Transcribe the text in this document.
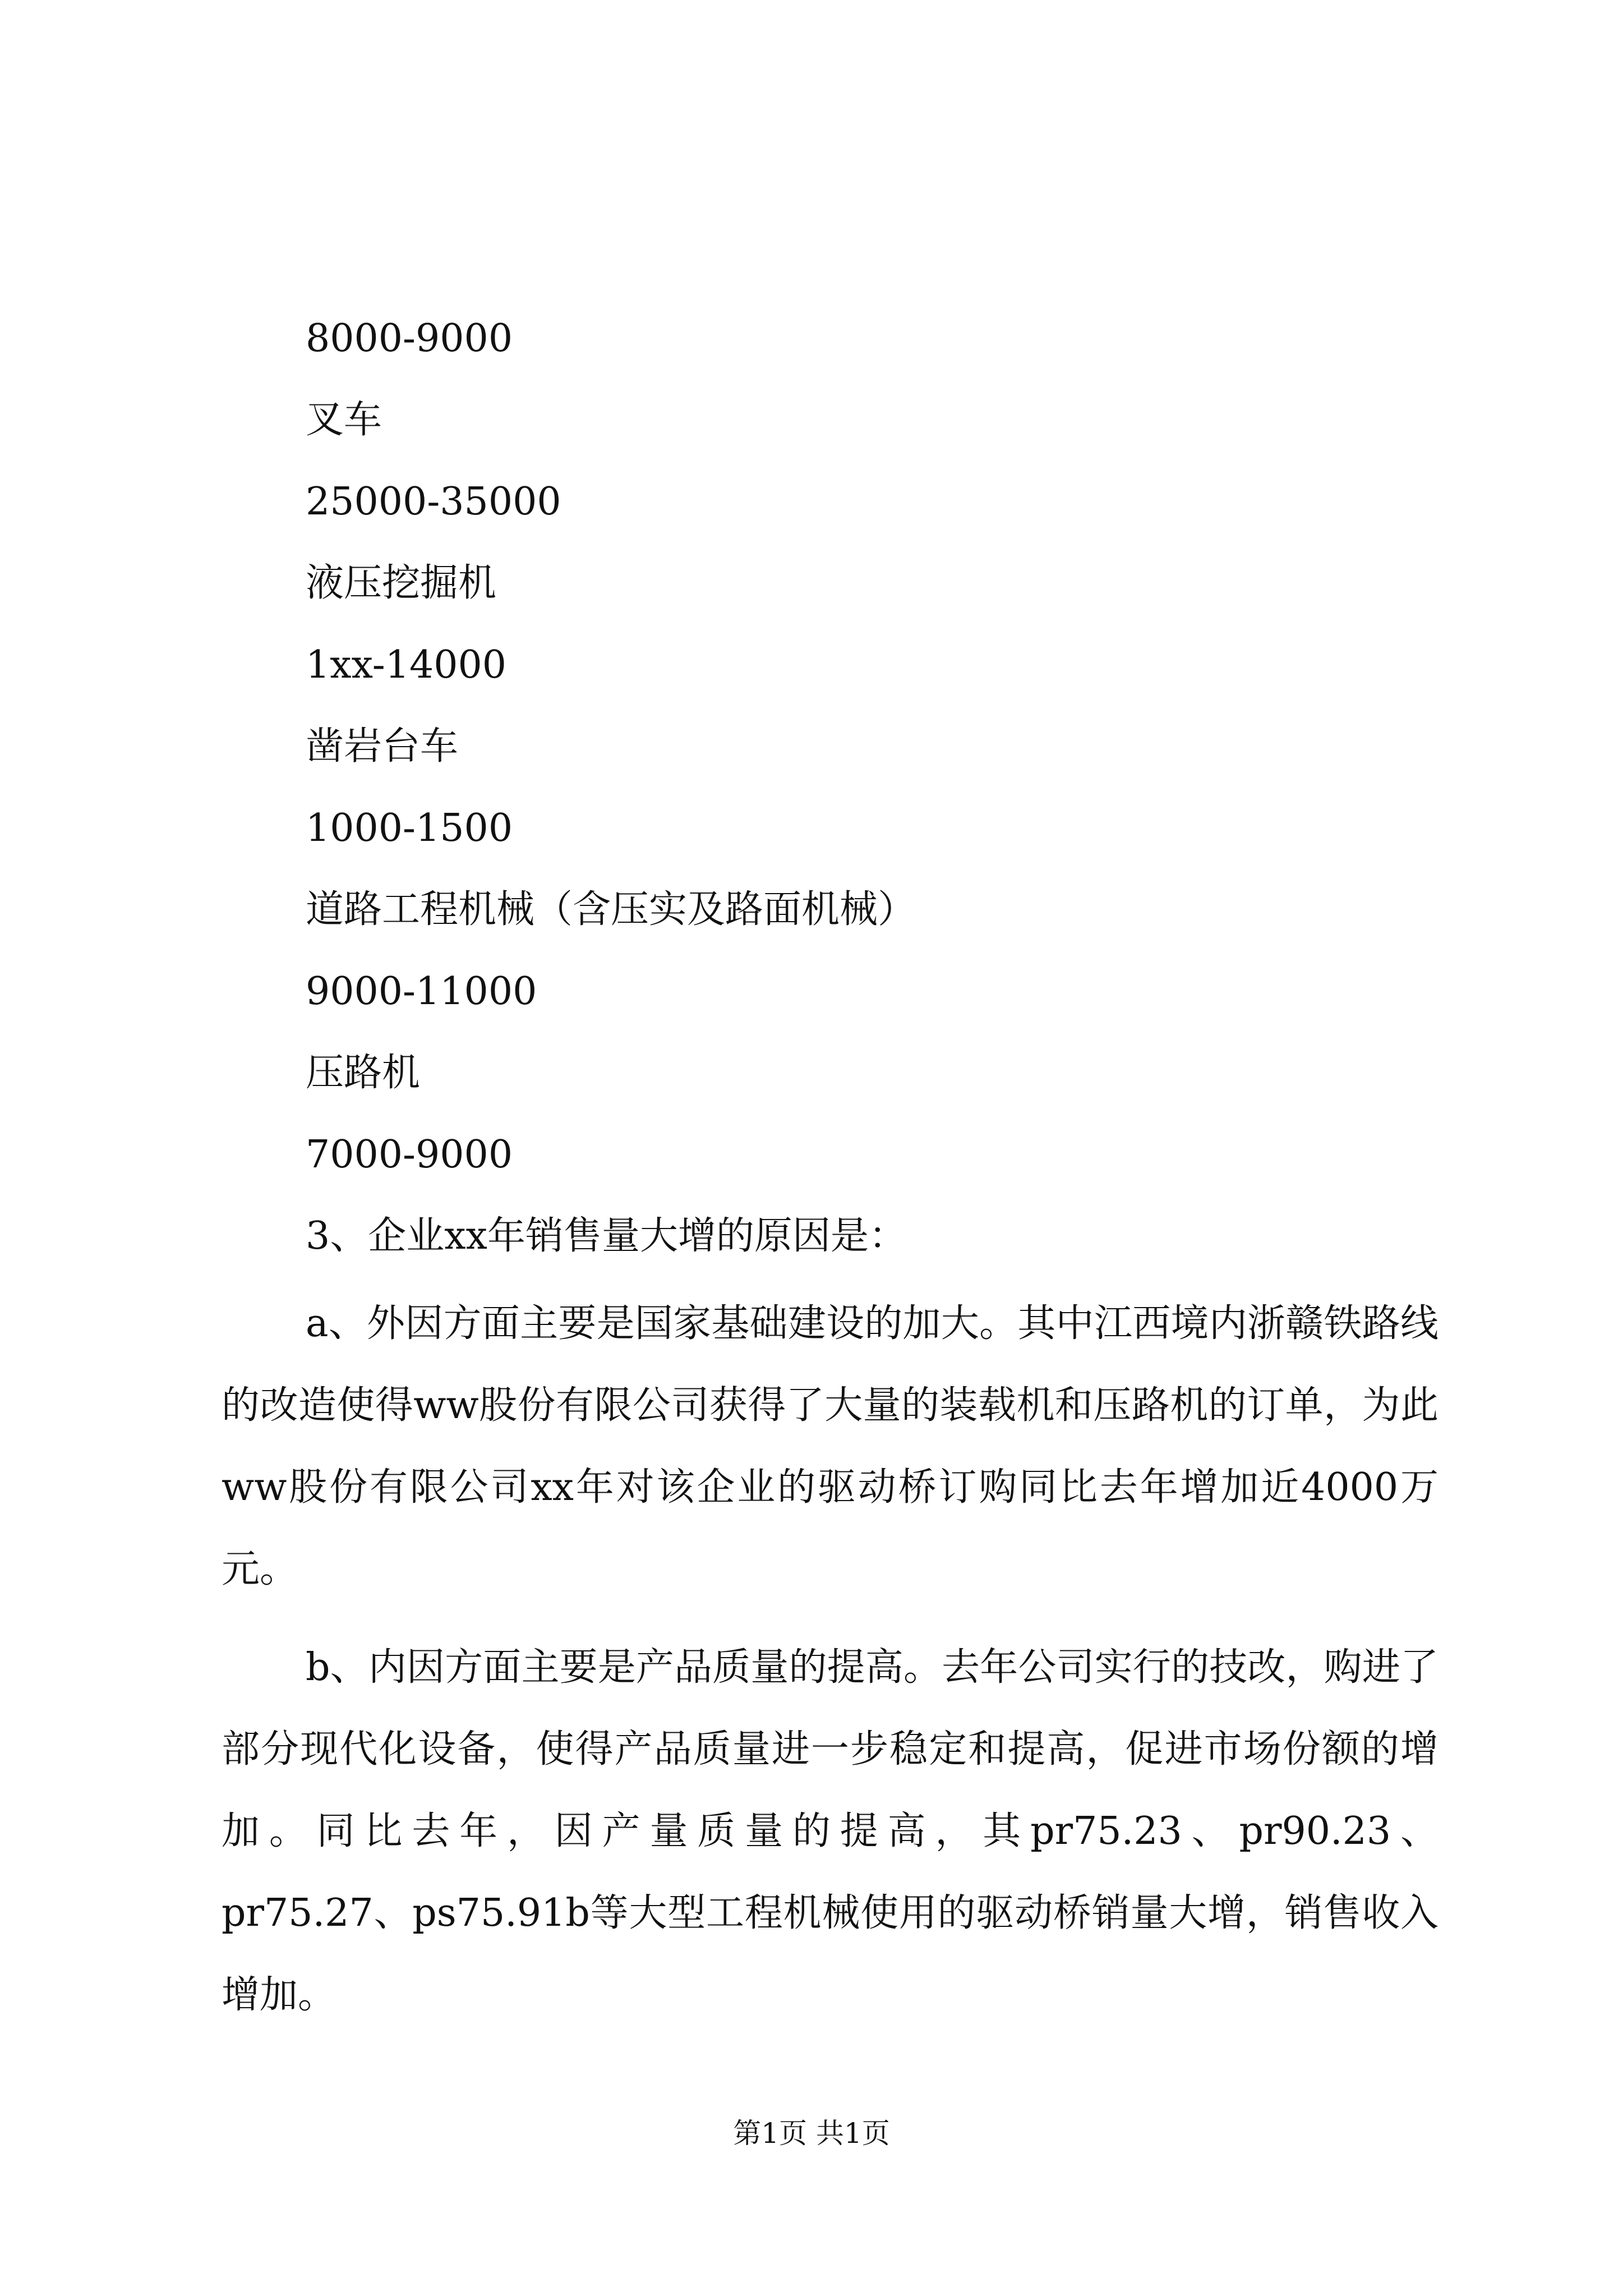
8000-9000
叉车
25000-35000
液压挖掘机
1xx-14000
凿岩台车
1000-1500
道路工程机械（含压实及路面机械）
9000-11000
压路机
7000-9000
3、企业xx年销售量大增的原因是：

a、外因方面主要是国家基础建设的加大。其中江西境内浙赣铁路线的改造使得ww股份有限公司获得了大量的装载机和压路机的订单，为此ww股份有限公司xx年对该企业的驱动桥订购同比去年增加近4000万元。

b、内因方面主要是产品质量的提高。去年公司实行的技改，购进了部分现代化设备，使得产品质量进一步稳定和提高，促进市场份额的增加。同比去年，因产量质量的提高，其pr75.23、pr90.23、pr75.27、ps75.91b等大型工程机械使用的驱动桥销量大增，销售收入增加。

第1页 共1页
